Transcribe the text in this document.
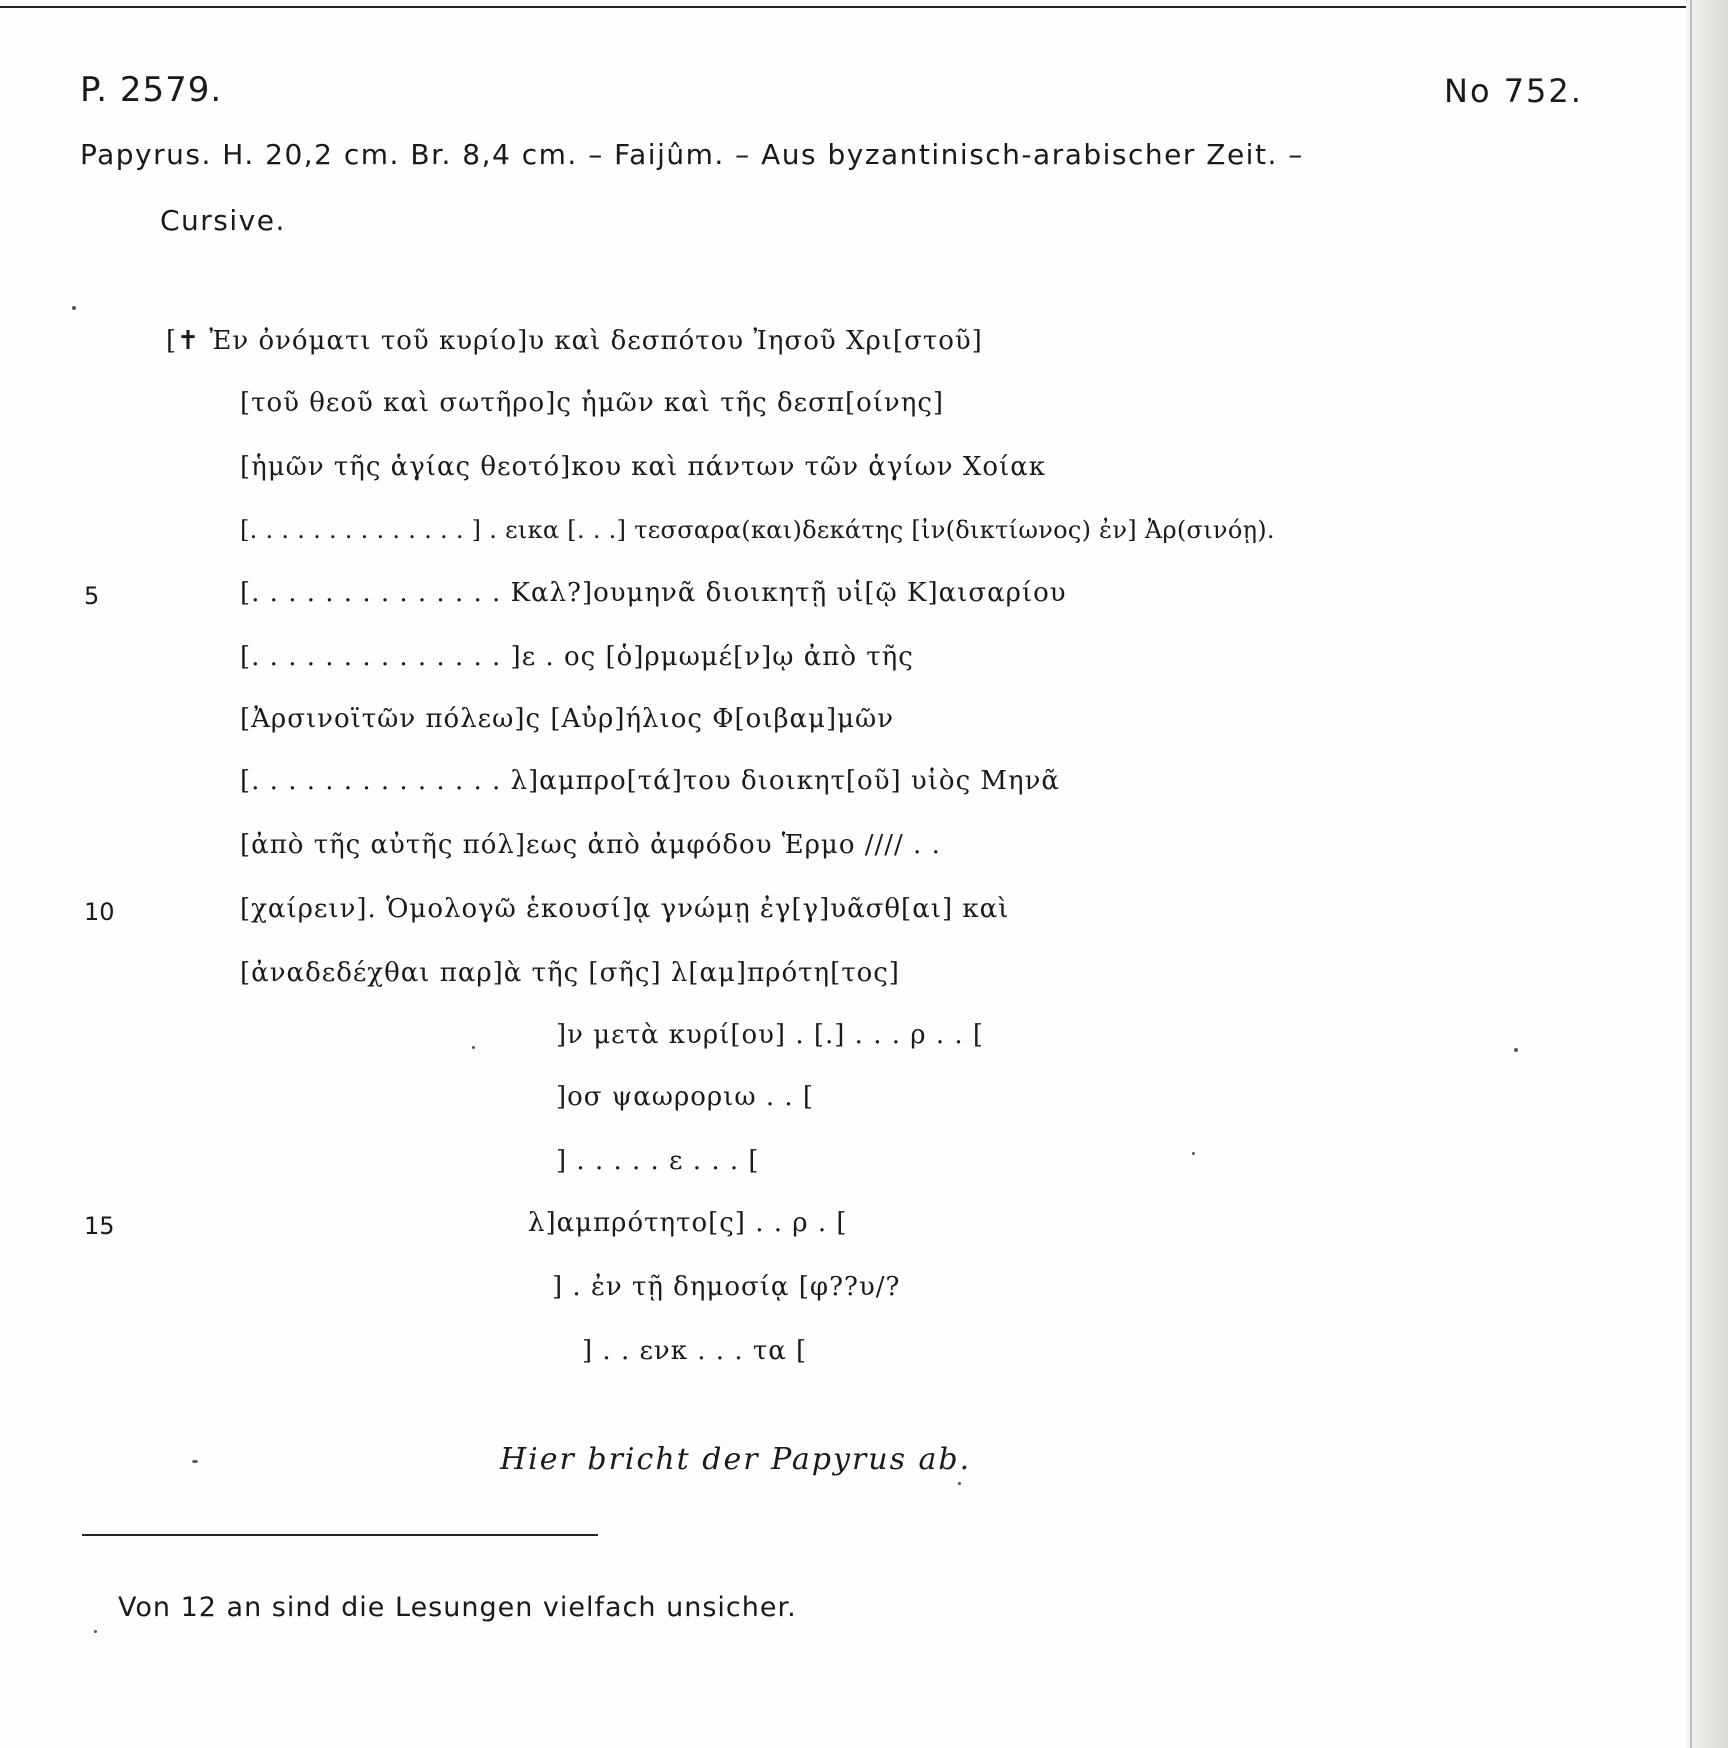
P. 2579.	No 752.
Papyrus. H. 20,2 cm. Br. 8,4 cm. – Faijûm. – Aus byzantinisch-arabischer Zeit. –
Cursive.
[✝ Ἐν ὀνόματι τοῦ κυρίο]υ καὶ δεσπότου Ἰησοῦ Χρι[στοῦ]
[τοῦ θεοῦ καὶ σωτῆρο]ς ἡμῶν καὶ τῆς δεσπ[οίνης]
[ἡμῶν τῆς ἁγίας θεοτό]κου καὶ πάντων τῶν ἁγίων Χοίακ
[. . . . . . . . . . . . . . ] . εικα [. . .] τεσσαρα(και)δεκάτης [ἰν(δικτίωνος) ἐν] Ἀρ(σινόῃ).
5	[. . . . . . . . . . . . . . Καλ?]ουμηνᾶ διοικητῇ υἱ[ῷ Κ]αισαρίου
[. . . . . . . . . . . . . . ]ε . ος [ὁ]ρμωμέ[ν]ῳ ἀπὸ τῆς
[Ἀρσινοϊτῶν πόλεω]ς [Αὐρ]ήλιος Φ[οιβαμ]μῶν
[. . . . . . . . . . . . . . λ]αμπρο[τά]του διοικητ[οῦ] υἱὸς Μηνᾶ
[ἀπὸ τῆς αὐτῆς πόλ]εως ἀπὸ ἀμφόδου Ἑρμο //// . .
10	[χαίρειν]. Ὁμολογῶ ἑκουσί]ᾳ γνώμῃ ἐγ[γ]υᾶσθ[αι] καὶ
[ἀναδεδέχθαι παρ]ὰ τῆς [σῆς] λ[αμ]πρότη[τος]
]ν μετὰ κυρί[ου] . [.] . . . ρ . . [
]οσ ψαωροριω . . [
] . . . . . ε . . . [
15	λ]αμπρότητο[ς] . . ρ . [
] . ἐν τῇ δημοσίᾳ [φ??υ/?
] . . ενκ . . . τα [
Hier bricht der Papyrus ab.
Von 12 an sind die Lesungen vielfach unsicher.
